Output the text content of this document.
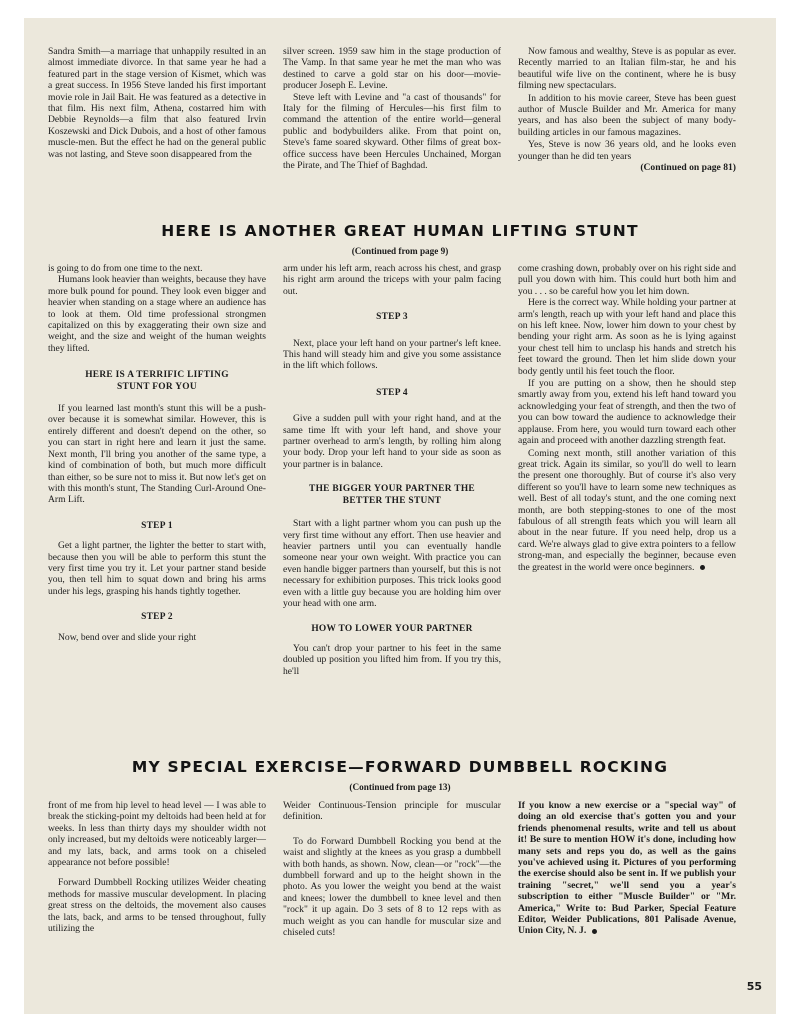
Sandra Smith—a marriage that unhappily resulted in an almost immediate divorce. In that same year he had a featured part in the stage version of Kismet, which was a great success. In 1956 Steve landed his first important movie role in Jail Bait. He was featured as a detective in that film. His next film, Athena, costarred him with Debbie Reynolds—a film that also featured Irvin Koszewski and Dick Dubois, and a host of other famous muscle-men. But the effect he had on the general public was not lasting, and Steve soon disappeared from the

silver screen. 1959 saw him in the stage production of The Vamp. In that same year he met the man who was destined to carve a gold star on his door—movie-producer Joseph E. Levine.

Steve left with Levine and "a cast of thousands" for Italy for the filming of Hercules—his first film to command the attention of the entire world—general public and bodybuilders alike. From that point on, Steve's fame soared skyward. Other films of great box-office success have been Hercules Unchained, Morgan the Pirate, and The Thief of Baghdad.

Now famous and wealthy, Steve is as popular as ever. Recently married to an Italian film-star, he and his beautiful wife live on the continent, where he is busy filming new spectaculars.

In addition to his movie career, Steve has been guest author of Muscle Builder and Mr. America for many years, and has also been the subject of many body-building articles in our famous magazines.

Yes, Steve is now 36 years old, and he looks even younger than he did ten years

(Continued on page 81)

HERE IS ANOTHER GREAT HUMAN LIFTING STUNT
(Continued from page 9)

is going to do from one time to the next.

Humans look heavier than weights, because they have more bulk pound for pound. They look even bigger and heavier when standing on a stage where an audience has to look at them. Old time professional strongmen capitalized on this by exaggerating their own size and weight, and the size and weight of the human weights they lifted.

HERE IS A TERRIFIC LIFTING STUNT FOR YOU

If you learned last month's stunt this will be a push-over because it is somewhat similar. However, this is entirely different and doesn't depend on the other, so you can start in right here and learn it just the same. Next month, I'll bring you another of the same type, a kind of combination of both, but much more difficult than either, so be sure not to miss it. But now let's get on with this month's stunt, The Standing Curl-Around One-Arm Lift.

STEP 1

Get a light partner, the lighter the better to start with, because then you will be able to perform this stunt the very first time you try it. Let your partner stand beside you, then tell him to squat down and bring his arms under his legs, grasping his hands tightly together.

STEP 2

Now, bend over and slide your right

arm under his left arm, reach across his chest, and grasp his right arm around the triceps with your palm facing out.

STEP 3

Next, place your left hand on your partner's left knee. This hand will steady him and give you some assistance in the lift which follows.

STEP 4

Give a sudden pull with your right hand, and at the same time lft with your left hand, and shove your partner overhead to arm's length, by rolling him along your body. Drop your left hand to your side as soon as your partner is in balance.

THE BIGGER YOUR PARTNER THE BETTER THE STUNT

Start with a light partner whom you can push up the very first time without any effort. Then use heavier and heavier partners until you can eventually handle someone near your own weight. With practice you can even handle bigger partners than yourself, but this is not necessary for exhibition purposes. This trick looks good even with a little guy because you are holding him over your head with one arm.

HOW TO LOWER YOUR PARTNER

You can't drop your partner to his feet in the same doubled up position you lifted him from. If you try this, he'll

come crashing down, probably over on his right side and pull you down with him. This could hurt both him and you . . . so be careful how you let him down.

Here is the correct way. While holding your partner at arm's length, reach up with your left hand and place this on his left knee. Now, lower him down to your chest by bending your right arm. As soon as he is lying against your chest tell him to unclasp his hands and stretch his feet toward the ground. Then let him slide down your body gently until his feet touch the floor.

If you are putting on a show, then he should step smartly away from you, extend his left hand toward you acknowledging your feat of strength, and then the two of you can bow toward the audience to acknowledge their applause. From here, you would turn toward each other again and proceed with another dazzling strength feat.

Coming next month, still another variation of this great trick. Again its similar, so you'll do well to learn the present one thoroughly. But of course it's also very different so you'll have to learn some new techniques as well. Best of all today's stunt, and the one coming next month, are both stepping-stones to one of the most fabulous of all strength feats which you will learn all about in the near future. If you need help, drop us a card. We're always glad to give extra pointers to a fellow strong-man, and especially the beginner, because even the greatest in the world were once beginners.

MY SPECIAL EXERCISE—FORWARD DUMBBELL ROCKING
(Continued from page 13)

front of me from hip level to head level — I was able to break the sticking-point my deltoids had been held at for weeks. In less than thirty days my shoulder width not only increased, but my deltoids were noticeably larger—and my lats, back, and arms took on a chiseled appearance not before possible!

Forward Dumbbell Rocking utilizes Weider cheating methods for massive muscular development. In placing great stress on the deltoids, the movement also causes the lats, back, and arms to be tensed throughout, fully utilizing the

Weider Continuous-Tension principle for muscular definition.

To do Forward Dumbbell Rocking you bend at the waist and slightly at the knees as you grasp a dumbbell with both hands, as shown. Now, clean—or "rock"—the dumbbell forward and up to the height shown in the photo. As you lower the weight you bend at the waist and knees; lower the dumbbell to knee level and then "rock" it up again. Do 3 sets of 8 to 12 reps with as much weight as you can handle for muscular size and chiseled cuts!

If you know a new exercise or a "special way" of doing an old exercise that's gotten you and your friends phenomenal results, write and tell us about it! Be sure to mention HOW it's done, including how many sets and reps you do, as well as the gains you've achieved using it. Pictures of you performing the exercise should also be sent in. If we publish your training "secret," we'll send you a year's subscription to either "Muscle Builder" or "Mr. America," Write to: Bud Parker, Special Feature Editor, Weider Publications, 801 Palisade Avenue, Union City, N. J.

55
